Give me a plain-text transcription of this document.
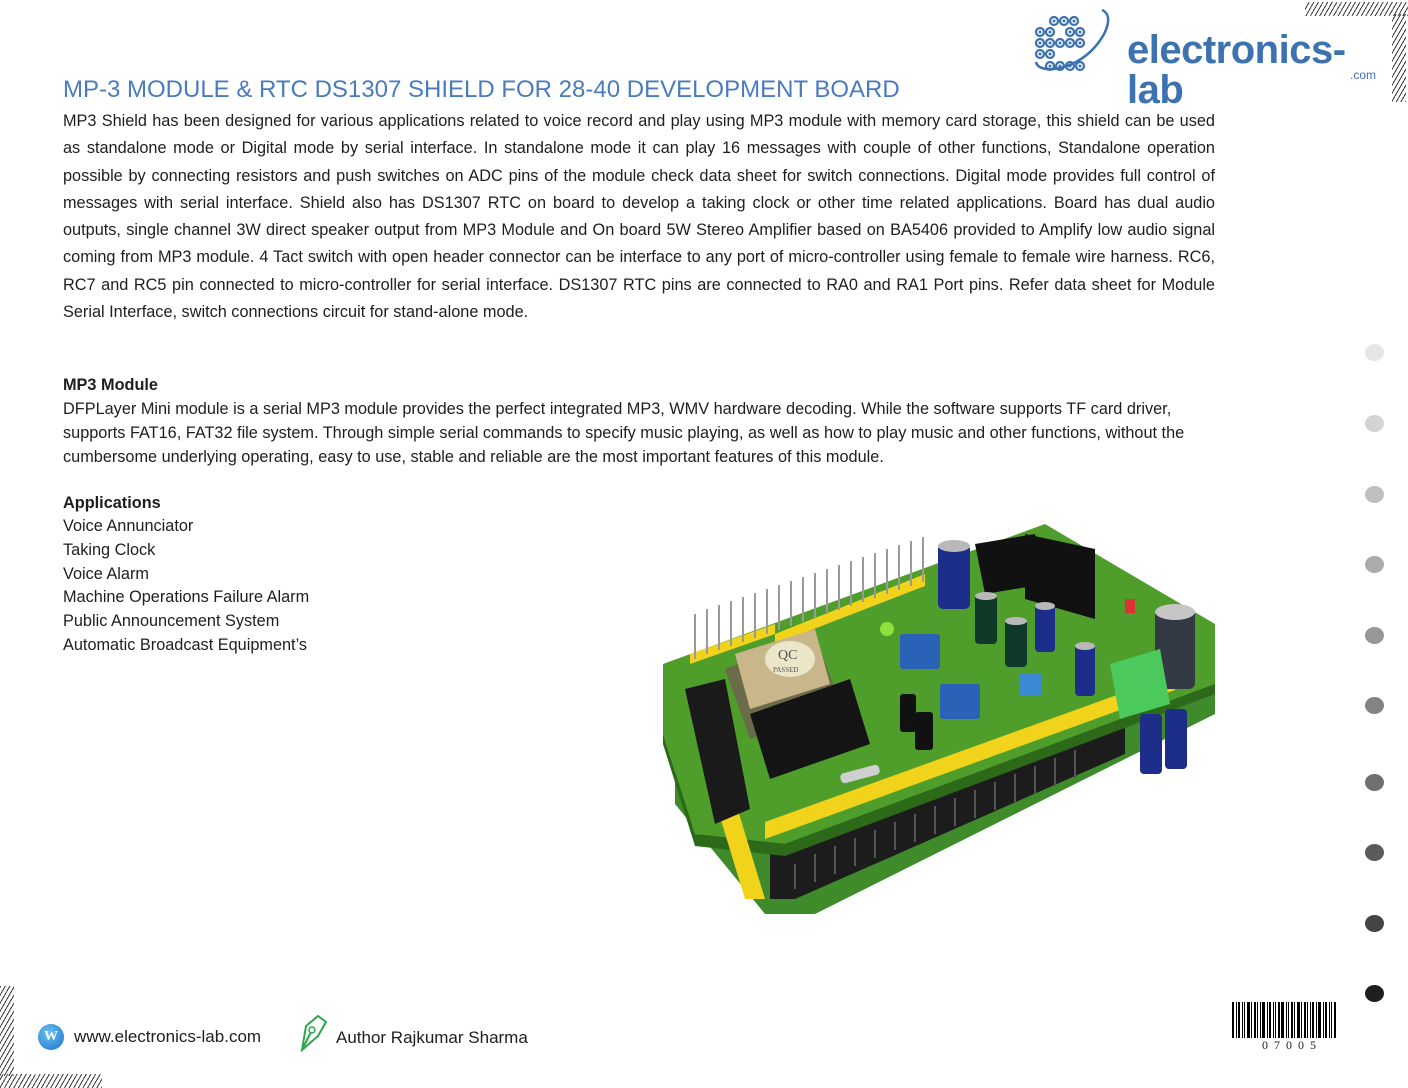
electronics-lab	.com
MP-3 MODULE & RTC DS1307 SHIELD FOR 28-40 DEVELOPMENT BOARD

MP3 Shield has been designed for various applications related to voice record and play using MP3 module with memory card storage, this shield can be used as standalone mode or Digital mode by serial interface. In standalone mode it can play 16 messages with couple of other functions, Standalone operation possible by connecting resistors and push switches on ADC pins of the module check data sheet for switch connections. Digital mode provides full control of messages with serial interface. Shield also has DS1307 RTC on board to develop a taking clock or other time related applications. Board has dual audio outputs, single channel 3W direct speaker output from MP3 Module and On board 5W Stereo Amplifier based on BA5406 provided to Amplify low audio signal coming from MP3 module. 4 Tact switch with open header connector can be interface to any port of micro-controller using female to female wire harness. RC6, RC7 and RC5 pin connected to micro-controller for serial interface. DS1307 RTC pins are connected to RA0 and RA1 Port pins. Refer data sheet for Module Serial Interface, switch connections circuit for stand-alone mode.

MP3 Module

DFPLayer Mini module is a serial MP3 module provides the perfect integrated MP3, WMV hardware decoding. While the software supports TF card driver, supports FAT16, FAT32 file system. Through simple serial commands to specify music playing, as well as how to play music and other functions, without the cumbersome underlying operating, easy to use, stable and reliable are the most important features of this module.

Applications
Voice Annunciator
Taking Clock
Voice Alarm
Machine Operations Failure Alarm
Public Announcement System
Automatic Broadcast Equipment’s
QC
PASSED
W www.electronics-lab.com	Author Rajkumar Sharma	07005
